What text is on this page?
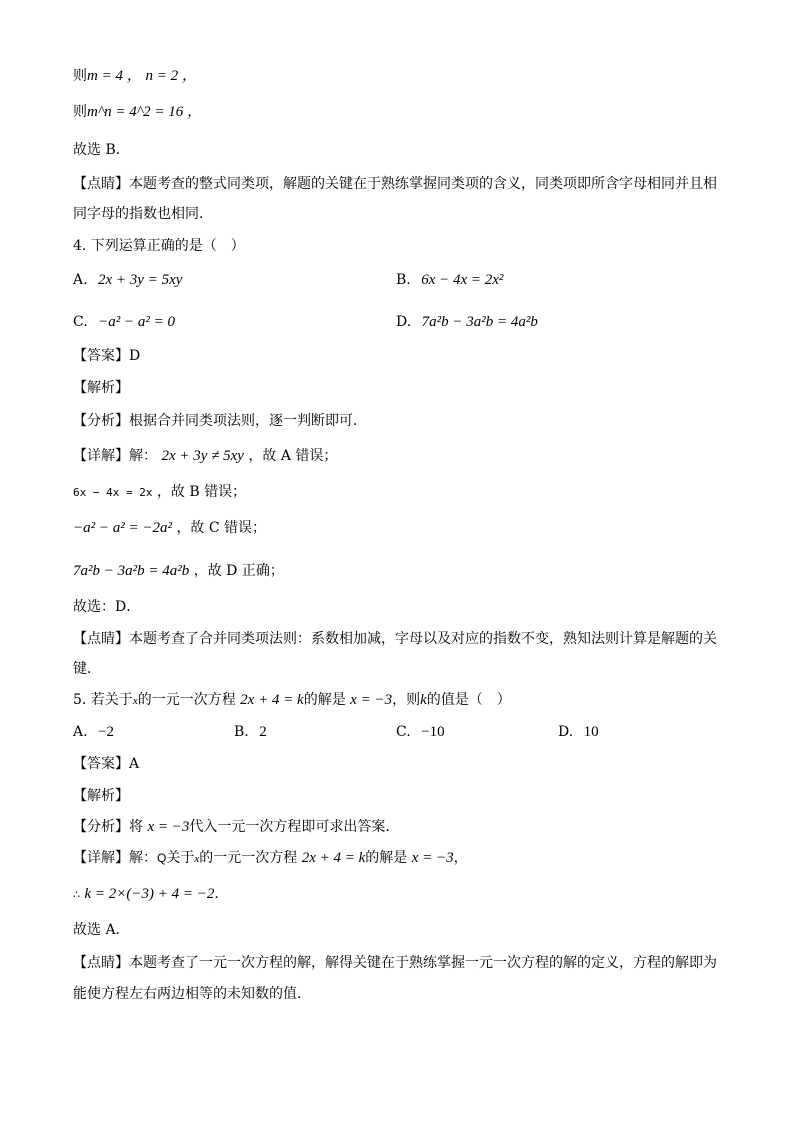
则m = 4 ， n = 2 ，
则m^n = 4^2 = 16 ，
故选 B．
【点睛】本题考查的整式同类项，解题的关键在于熟练掌握同类项的含义，同类项即所含字母相同并且相
同字母的指数也相同．
4. 下列运算正确的是（　）
A. 2x + 3y = 5xy	B. 6x − 4x = 2x²
C. −a² − a² = 0	D. 7a²b − 3a²b = 4a²b
【答案】D
【解析】
【分析】根据合并同类项法则，逐一判断即可．
【详解】解： 2x + 3y ≠ 5xy ，故 A 错误；
6x − 4x = 2x ，故 B 错误；
−a² − a² = −2a² ，故 C 错误；
7a²b − 3a²b = 4a²b ，故 D 正确；
故选：D．
【点睛】本题考查了合并同类项法则：系数相加减，字母以及对应的指数不变，熟知法则计算是解题的关
键．
5. 若关于x的一元一次方程 2x + 4 = k的解是 x = −3，则k的值是（　）
A. −2	B. 2	C. −10	D. 10
【答案】A
【解析】
【分析】将 x = −3代入一元一次方程即可求出答案．
【详解】解：Q关于x的一元一次方程 2x + 4 = k的解是 x = −3，
∴ k = 2×(−3) + 4 = −2．
故选 A．
【点睛】本题考查了一元一次方程的解，解得关键在于熟练掌握一元一次方程的解的定义，方程的解即为
能使方程左右两边相等的未知数的值．
